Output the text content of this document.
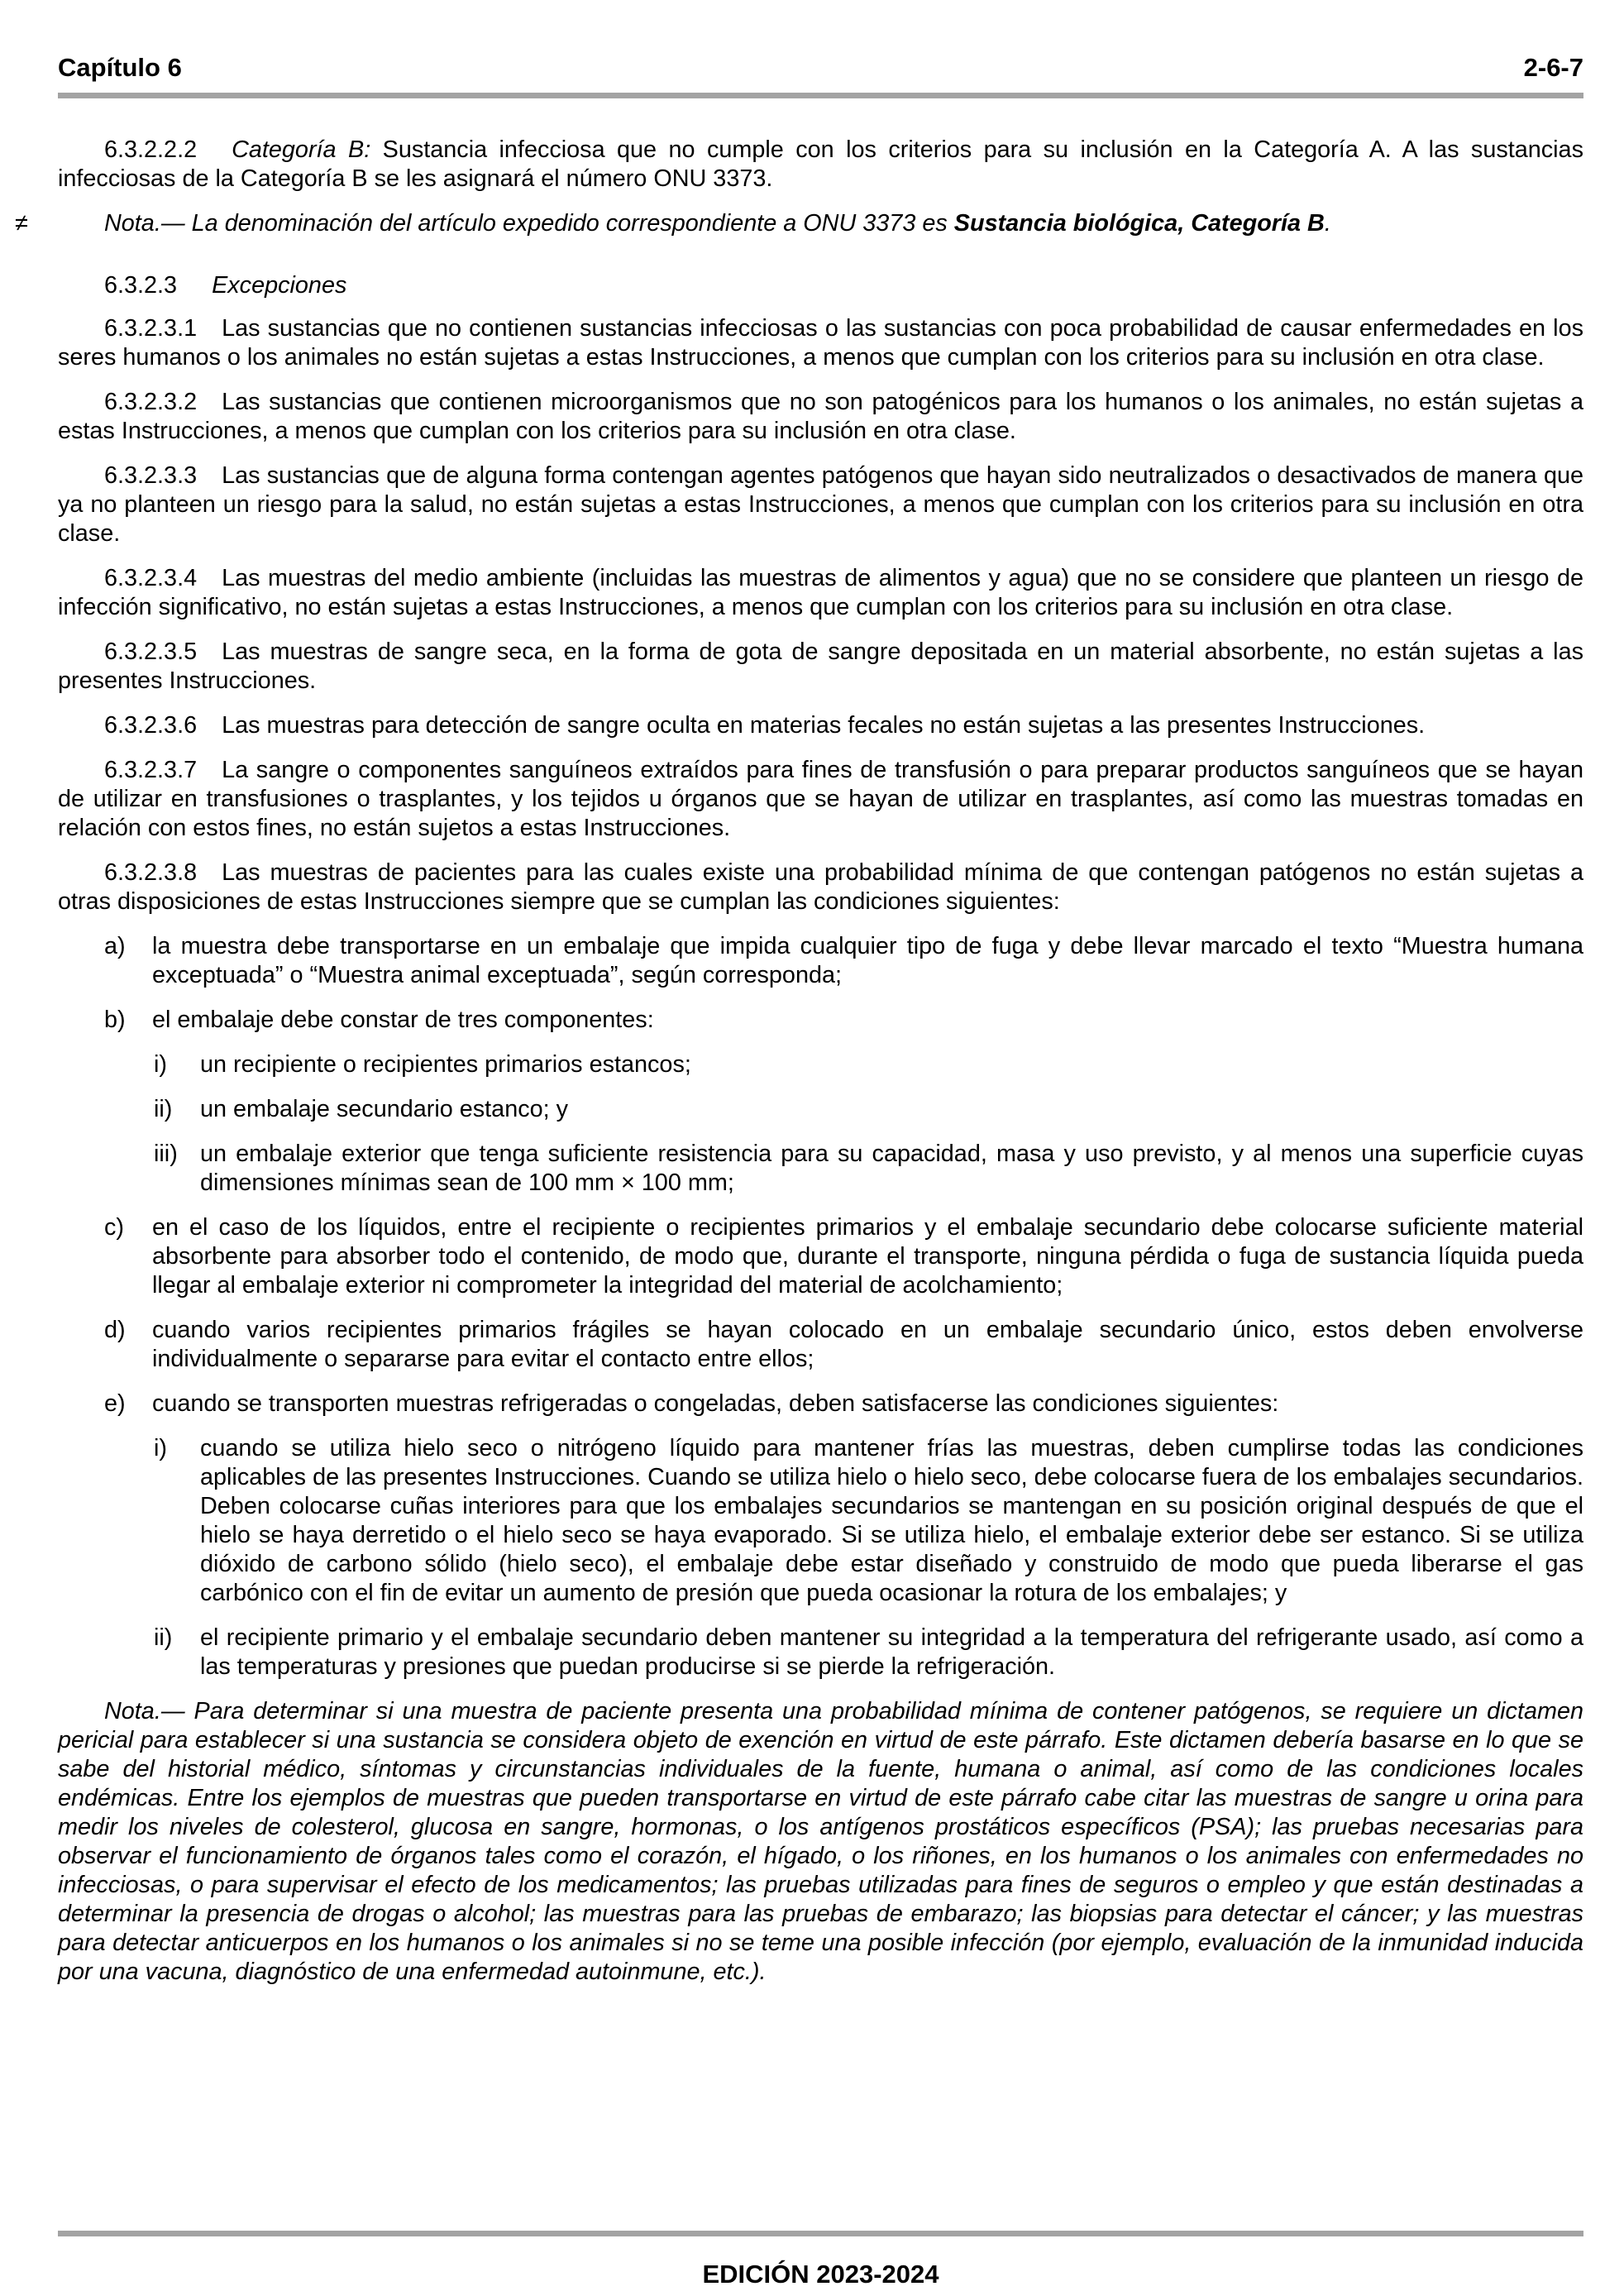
Capítulo 6	2-6-7

6.3.2.2.2 Categoría B: Sustancia infecciosa que no cumple con los criterios para su inclusión en la Categoría A. A las sustancias infecciosas de la Categoría B se les asignará el número ONU 3373.

≠	Nota.— La denominación del artículo expedido correspondiente a ONU 3373 es Sustancia biológica, Categoría B.

6.3.2.3 Excepciones

6.3.2.3.1 Las sustancias que no contienen sustancias infecciosas o las sustancias con poca probabilidad de causar enfermedades en los seres humanos o los animales no están sujetas a estas Instrucciones, a menos que cumplan con los criterios para su inclusión en otra clase.

6.3.2.3.2 Las sustancias que contienen microorganismos que no son patogénicos para los humanos o los animales, no están sujetas a estas Instrucciones, a menos que cumplan con los criterios para su inclusión en otra clase.

6.3.2.3.3 Las sustancias que de alguna forma contengan agentes patógenos que hayan sido neutralizados o desactivados de manera que ya no planteen un riesgo para la salud, no están sujetas a estas Instrucciones, a menos que cumplan con los criterios para su inclusión en otra clase.

6.3.2.3.4 Las muestras del medio ambiente (incluidas las muestras de alimentos y agua) que no se considere que planteen un riesgo de infección significativo, no están sujetas a estas Instrucciones, a menos que cumplan con los criterios para su inclusión en otra clase.

6.3.2.3.5 Las muestras de sangre seca, en la forma de gota de sangre depositada en un material absorbente, no están sujetas a las presentes Instrucciones.

6.3.2.3.6 Las muestras para detección de sangre oculta en materias fecales no están sujetas a las presentes Instrucciones.

6.3.2.3.7 La sangre o componentes sanguíneos extraídos para fines de transfusión o para preparar productos sanguíneos que se hayan de utilizar en transfusiones o trasplantes, y los tejidos u órganos que se hayan de utilizar en trasplantes, así como las muestras tomadas en relación con estos fines, no están sujetos a estas Instrucciones.

6.3.2.3.8 Las muestras de pacientes para las cuales existe una probabilidad mínima de que contengan patógenos no están sujetas a otras disposiciones de estas Instrucciones siempre que se cumplan las condiciones siguientes:

a) la muestra debe transportarse en un embalaje que impida cualquier tipo de fuga y debe llevar marcado el texto “Muestra humana exceptuada” o “Muestra animal exceptuada”, según corresponda;
b) el embalaje debe constar de tres componentes:
i) un recipiente o recipientes primarios estancos;
ii) un embalaje secundario estanco; y
iii) un embalaje exterior que tenga suficiente resistencia para su capacidad, masa y uso previsto, y al menos una superficie cuyas dimensiones mínimas sean de 100 mm × 100 mm;
c) en el caso de los líquidos, entre el recipiente o recipientes primarios y el embalaje secundario debe colocarse suficiente material absorbente para absorber todo el contenido, de modo que, durante el transporte, ninguna pérdida o fuga de sustancia líquida pueda llegar al embalaje exterior ni comprometer la integridad del material de acolchamiento;
d) cuando varios recipientes primarios frágiles se hayan colocado en un embalaje secundario único, estos deben envolverse individualmente o separarse para evitar el contacto entre ellos;
e) cuando se transporten muestras refrigeradas o congeladas, deben satisfacerse las condiciones siguientes:
i) cuando se utiliza hielo seco o nitrógeno líquido para mantener frías las muestras, deben cumplirse todas las condiciones aplicables de las presentes Instrucciones. Cuando se utiliza hielo o hielo seco, debe colocarse fuera de los embalajes secundarios. Deben colocarse cuñas interiores para que los embalajes secundarios se mantengan en su posición original después de que el hielo se haya derretido o el hielo seco se haya evaporado. Si se utiliza hielo, el embalaje exterior debe ser estanco. Si se utiliza dióxido de carbono sólido (hielo seco), el embalaje debe estar diseñado y construido de modo que pueda liberarse el gas carbónico con el fin de evitar un aumento de presión que pueda ocasionar la rotura de los embalajes; y
ii) el recipiente primario y el embalaje secundario deben mantener su integridad a la temperatura del refrigerante usado, así como a las temperaturas y presiones que puedan producirse si se pierde la refrigeración.

Nota.— Para determinar si una muestra de paciente presenta una probabilidad mínima de contener patógenos, se requiere un dictamen pericial para establecer si una sustancia se considera objeto de exención en virtud de este párrafo. Este dictamen debería basarse en lo que se sabe del historial médico, síntomas y circunstancias individuales de la fuente, humana o animal, así como de las condiciones locales endémicas. Entre los ejemplos de muestras que pueden transportarse en virtud de este párrafo cabe citar las muestras de sangre u orina para medir los niveles de colesterol, glucosa en sangre, hormonas, o los antígenos prostáticos específicos (PSA); las pruebas necesarias para observar el funcionamiento de órganos tales como el corazón, el hígado, o los riñones, en los humanos o los animales con enfermedades no infecciosas, o para supervisar el efecto de los medicamentos; las pruebas utilizadas para fines de seguros o empleo y que están destinadas a determinar la presencia de drogas o alcohol; las muestras para las pruebas de embarazo; las biopsias para detectar el cáncer; y las muestras para detectar anticuerpos en los humanos o los animales si no se teme una posible infección (por ejemplo, evaluación de la inmunidad inducida por una vacuna, diagnóstico de una enfermedad autoinmune, etc.).

EDICIÓN 2023-2024
